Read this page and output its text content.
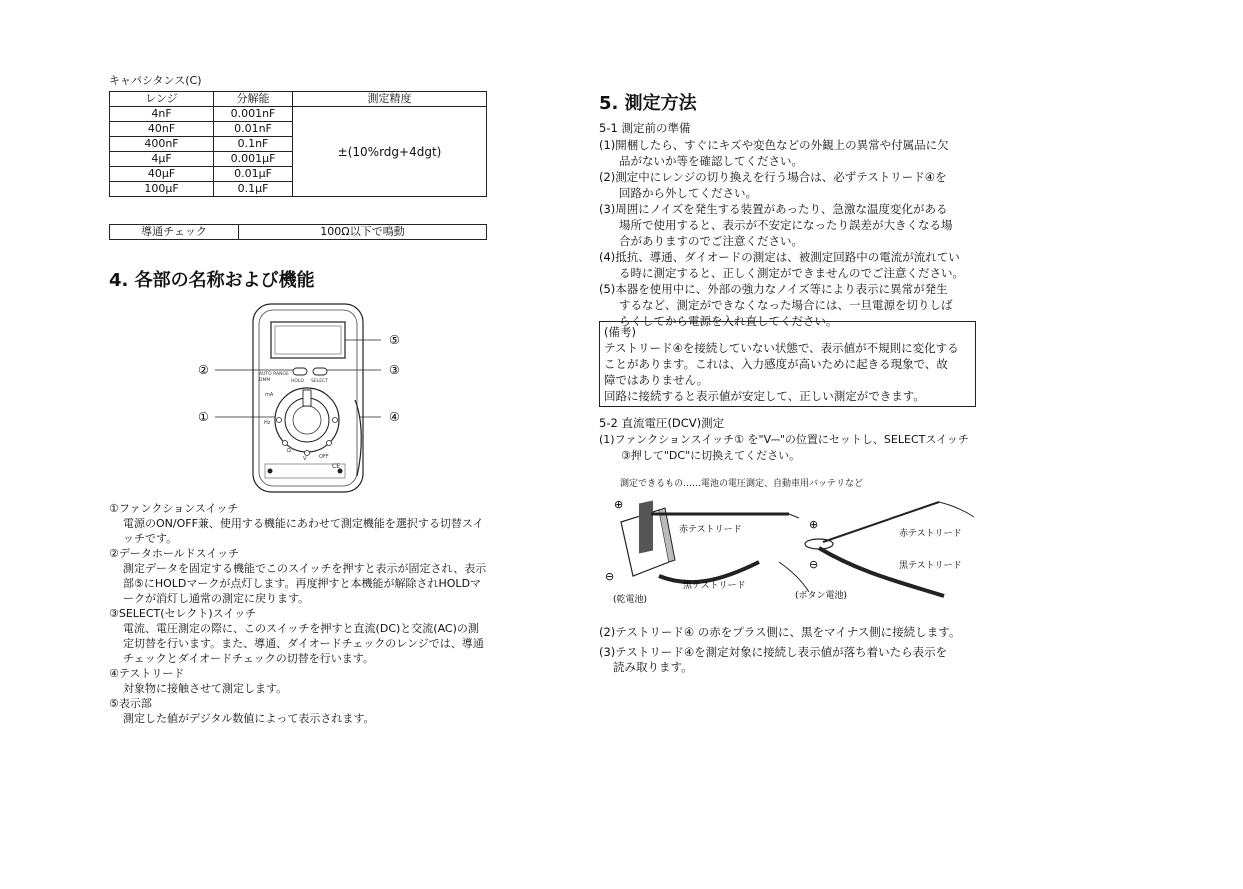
キャパシタンス(C)
レンジ	分解能	測定精度
4nF	0.001nF	±(10%rdg+4dgt)
40nF	0.01nF	
400nF	0.1nF	
4μF	0.001μF	
40μF	0.01μF	
100μF	0.1μF	
導通チェック	100Ω以下で鳴動
4. 各部の名称および機能
AUTO RANGE
DMM	HOLD SELECT
mA
Hz
Ω
V	OFF
CE
②	③
⑤
①	④
①ファンクションスイッチ
電源のON/OFF兼、使用する機能にあわせて測定機能を選択する切替スイッチです。
②データホールドスイッチ
測定データを固定する機能でこのスイッチを押すと表示が固定され、表示部⑤にHOLDマークが点灯します。再度押すと本機能が解除されHOLDマークが消灯し通常の測定に戻ります。
③SELECT(セレクト)スイッチ
電流、電圧測定の際に、このスイッチを押すと直流(DC)と交流(AC)の測定切替を行います。また、導通、ダイオードチェックのレンジでは、導通チェックとダイオードチェックの切替を行います。
④テストリード
対象物に接触させて測定します。
⑤表示部
測定した値がデジタル数値によって表示されます。
5. 測定方法
5-1 測定前の準備
(1)開梱したら、すぐにキズや変色などの外観上の異常や付属品に欠
品がないか等を確認してください。
(2)測定中にレンジの切り換えを行う場合は、必ずテストリード④を
回路から外してください。
(3)周囲にノイズを発生する装置があったり、急激な温度変化がある
場所で使用すると、表示が不安定になったり誤差が大きくなる場
合がありますのでご注意ください。
(4)抵抗、導通、ダイオードの測定は、被測定回路中の電流が流れてい
る時に測定すると、正しく測定ができませんのでご注意ください。
(5)本器を使用中に、外部の強力なノイズ等により表示に異常が発生
するなど、測定ができなくなった場合には、一旦電源を切りしば
らくしてから電源を入れ直してください。
(備考)
テストリード④を接続していない状態で、表示値が不規則に変化する
ことがあります。これは、入力感度が高いために起きる現象で、故
障ではありません。
回路に接続すると表示値が安定して、正しい測定ができます。
5-2 直流電圧(DCV)測定
(1)ファンクションスイッチ① を"V⎓"の位置にセットし、SELECTスイッチ
③押して"DC"に切換えてください。
測定できるもの……電池の電圧測定、自動車用バッテリなど
⊕
⊖
⊕
⊖
赤テストリード
黒テストリード
赤テストリード
黒テストリード
(乾電池)	(ボタン電池)
(2)テストリード④ の赤をプラス側に、黒をマイナス側に接続します。
(3)テストリード④を測定対象に接続し表示値が落ち着いたら表示を
読み取ります。
